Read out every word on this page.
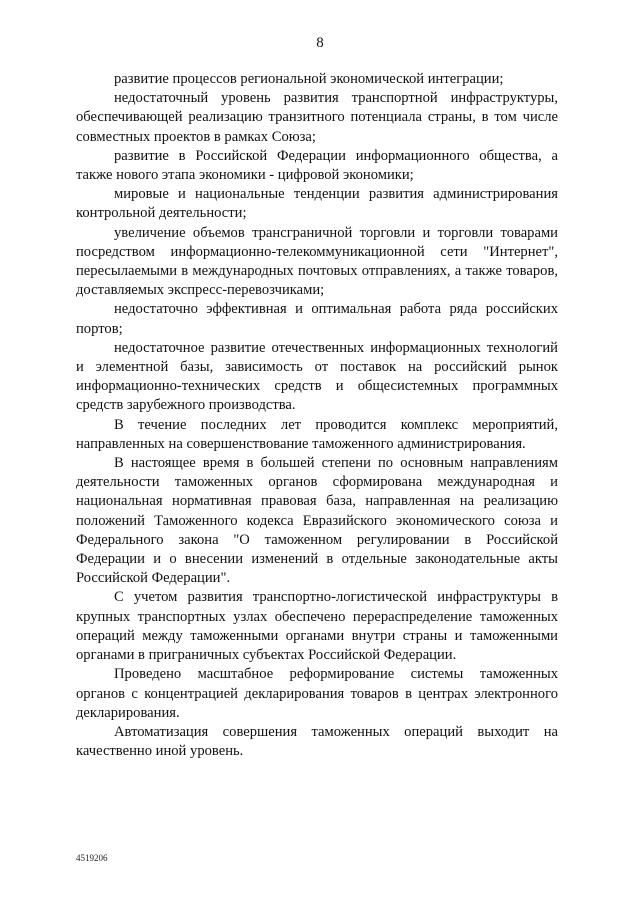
8

развитие процессов региональной экономической интеграции;

недостаточный уровень развития транспортной инфраструктуры, обеспечивающей реализацию транзитного потенциала страны, в том числе совместных проектов в рамках Союза;

развитие в Российской Федерации информационного общества, а также нового этапа экономики - цифровой экономики;

мировые и национальные тенденции развития администрирования контрольной деятельности;

увеличение объемов трансграничной торговли и торговли товарами посредством информационно-телекоммуникационной сети "Интернет", пересылаемыми в международных почтовых отправлениях, а также товаров, доставляемых экспресс-перевозчиками;

недостаточно эффективная и оптимальная работа ряда российских портов;

недостаточное развитие отечественных информационных технологий и элементной базы, зависимость от поставок на российский рынок информационно-технических средств и общесистемных программных средств зарубежного производства.

В течение последних лет проводится комплекс мероприятий, направленных на совершенствование таможенного администрирования.

В настоящее время в большей степени по основным направлениям деятельности таможенных органов сформирована международная и национальная нормативная правовая база, направленная на реализацию положений Таможенного кодекса Евразийского экономического союза и Федерального закона "О таможенном регулировании в Российской Федерации и о внесении изменений в отдельные законодательные акты Российской Федерации".

С учетом развития транспортно-логистической инфраструктуры в крупных транспортных узлах обеспечено перераспределение таможенных операций между таможенными органами внутри страны и таможенными органами в приграничных субъектах Российской Федерации.

Проведено масштабное реформирование системы таможенных органов с концентрацией декларирования товаров в центрах электронного декларирования.

Автоматизация совершения таможенных операций выходит на качественно иной уровень.

4519206
